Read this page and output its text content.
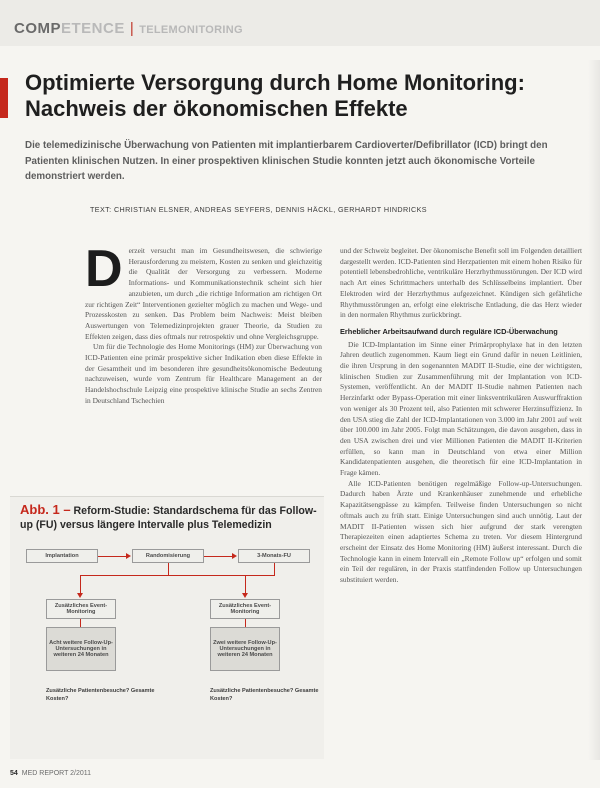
COMPETENCE | TELEMONITORING
Optimierte Versorgung durch Home Monitoring:
Nachweis der ökonomischen Effekte
Die telemedizinische Überwachung von Patienten mit implantierbarem Cardioverter/Defibrillator (ICD) bringt den Patienten klinischen Nutzen. In einer prospektiven klinischen Studie konnten jetzt auch ökonomische Vorteile demonstriert werden.
TEXT: CHRISTIAN ELSNER, ANDREAS SEYFERS, DENNIS HÄCKL, GERHARDT HINDRICKS
D erzeit versucht man im Gesundheitswesen, die schwierige Herausforderung zu meistern, Kosten zu senken und gleichzeitig die Qualität der Versorgung zu verbessern. Moderne Informations- und Kommunikationstechnik scheint sich hier anzubieten, um durch „die richtige Information am richtigen Ort zur richtigen Zeit“ Interventionen gezielter möglich zu machen und Wege- und Prozesskosten zu senken. Das Problem beim Nachweis: Meist bleiben Auswertungen von Telemedizinprojekten grauer Theorie, da Studien zu Effekten zeigen, dass dies oftmals nur retrospektiv und ohne Vergleichsgruppe.

Um für die Technologie des Home Monitorings (HM) zur Überwachung von ICD-Patienten eine primär prospektive sicher Indikation eben diese Effekte in der Gesamtheit und im besonderen ihre gesundheitsökonomische Bedeutung nachzuweisen, wurde vom Zentrum für Healthcare Management an der Handelshochschule Leipzig eine prospektive klinische Studie an sechs Zentren in Deutschland Tschechien

und der Schweiz begleitet. Der ökonomische Benefit soll im Folgenden detailliert dargestellt werden. ICD-Patienten sind Herzpatienten mit einem hohen Risiko für potentiell lebensbedrohliche, ventrikuläre Herzrhythmusstörungen. Der ICD wird nach Art eines Schrittmachers unterhalb des Schlüsselbeins implantiert. Über Elektroden wird der Herzrhythmus aufgezeichnet. Kündigen sich gefährliche Rhythmusstörungen an, erfolgt eine elektrische Entladung, die das Herz wieder in den normalen Rhythmus zurückbringt.

Erheblicher Arbeitsaufwand durch reguläre ICD-Überwachung

Die ICD-Implantation im Sinne einer Primärprophylaxe hat in den letzten Jahren deutlich zugenommen. Kaum liegt ein Grund dafür in neuen Leitlinien, die ihren Ursprung in den sogenannten MADIT II-Studie, eine der wichtigsten, klinischen Studien zur Zusammenführung mit der Implantation von ICD-Systemen, veröffentlicht. An der MADIT II-Studie nahmen Patienten nach Herzinfarkt oder Bypass-Operation mit einer linksventrikulären Auswurffraktion von weniger als 30 Prozent teil, also Patienten mit schwerer Herzinsuffizienz. In den USA stieg die Zahl der ICD-Implantationen von 3.000 im Jahr 2001 auf weit über 100.000 im Jahr 2005. Folgt man Schätzungen, die davon ausgehen, dass in den USA zwischen drei und vier Millionen Patienten die MADIT II-Kriterien erfüllen, so kann man in Deutschland von etwa einer Million Kandidatenpatienten ausgehen, die theoretisch für eine ICD-Implantation in Frage kämen.

Alle ICD-Patienten benötigen regelmäßige Follow-up-Untersuchungen. Dadurch haben Ärzte und Krankenhäuser zunehmende und erhebliche Kapazitätsengpässe zu kämpfen. Teilweise finden Untersuchungen so nicht oftmals auch zu früh statt. Einige Untersuchungen sind auch unnötig. Laut der MADIT II-Patienten wissen sich hier aufgrund der stark verengten Therapiezeiten einen adaptiertes Schema zu treten. Vor diesem Hintergrund erscheint der Einsatz des Home Monitoring (HM) äußerst interessant. Durch die Technologie kann in einem Intervall ein „Remote Follow up“ erfolgen und somit ein Teil der regulären, in der Praxis stattfindenden Follow up Untersuchungen substituiert werden.

Abb. 1 – Reform-Studie: Standardschema für das Follow-up (FU) versus längere Intervalle plus Telemedizin
Implantation	Randomisierung	3-Monats-FU
Zusätzliches Event-Monitoring
Acht weitere Follow-Up-Untersuchungen in weiteren 24 Monaten
Zusätzliches Event-Monitoring
Zwei weitere Follow-Up-Untersuchungen in weiteren 24 Monaten
Zusätzliche Patientenbesuche? Gesamte Kosten?
Zusätzliche Patientenbesuche? Gesamte Kosten?
54 MED REPORT 2/2011
